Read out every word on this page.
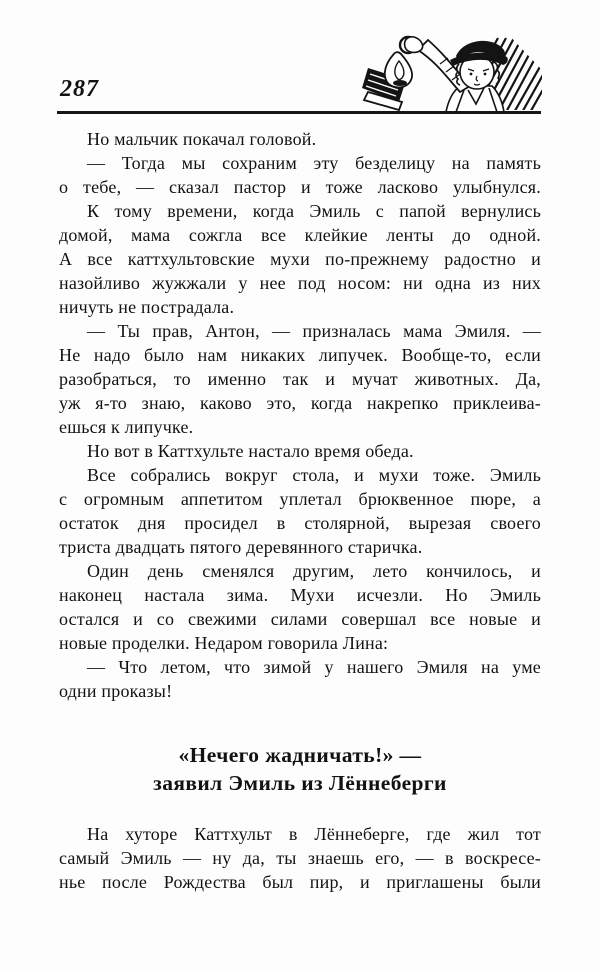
287

Но мальчик покачал головой.

— Тогда мы сохраним эту безделицу на память
о тебе, — сказал пастор и тоже ласково улыбнулся.

К тому времени, когда Эмиль с папой вернулись
домой, мама сожгла все клейкие ленты до одной.
А все каттхультовские мухи по-прежнему радостно и
назойливо жужжали у нее под носом: ни одна из них
ничуть не пострадала.

— Ты прав, Антон, — призналась мама Эмиля. —
Не надо было нам никаких липучек. Вообще-то, если
разобраться, то именно так и мучат животных. Да,
уж я-то знаю, каково это, когда накрепко приклеива-
ешься к липучке.

Но вот в Каттхульте настало время обеда.

Все собрались вокруг стола, и мухи тоже. Эмиль
с огромным аппетитом уплетал брюквенное пюре, а
остаток дня просидел в столярной, вырезая своего
триста двадцать пятого деревянного старичка.

Один день сменялся другим, лето кончилось, и
наконец настала зима. Мухи исчезли. Но Эмиль
остался и со свежими силами совершал все новые и
новые проделки. Недаром говорила Лина:

— Что летом, что зимой у нашего Эмиля на уме
одни проказы!

«Нечего жадничать!» —
заявил Эмиль из Лённеберги

На хуторе Каттхульт в Лённеберге, где жил тот
самый Эмиль — ну да, ты знаешь его, — в воскресе-
нье после Рождества был пир, и приглашены были
